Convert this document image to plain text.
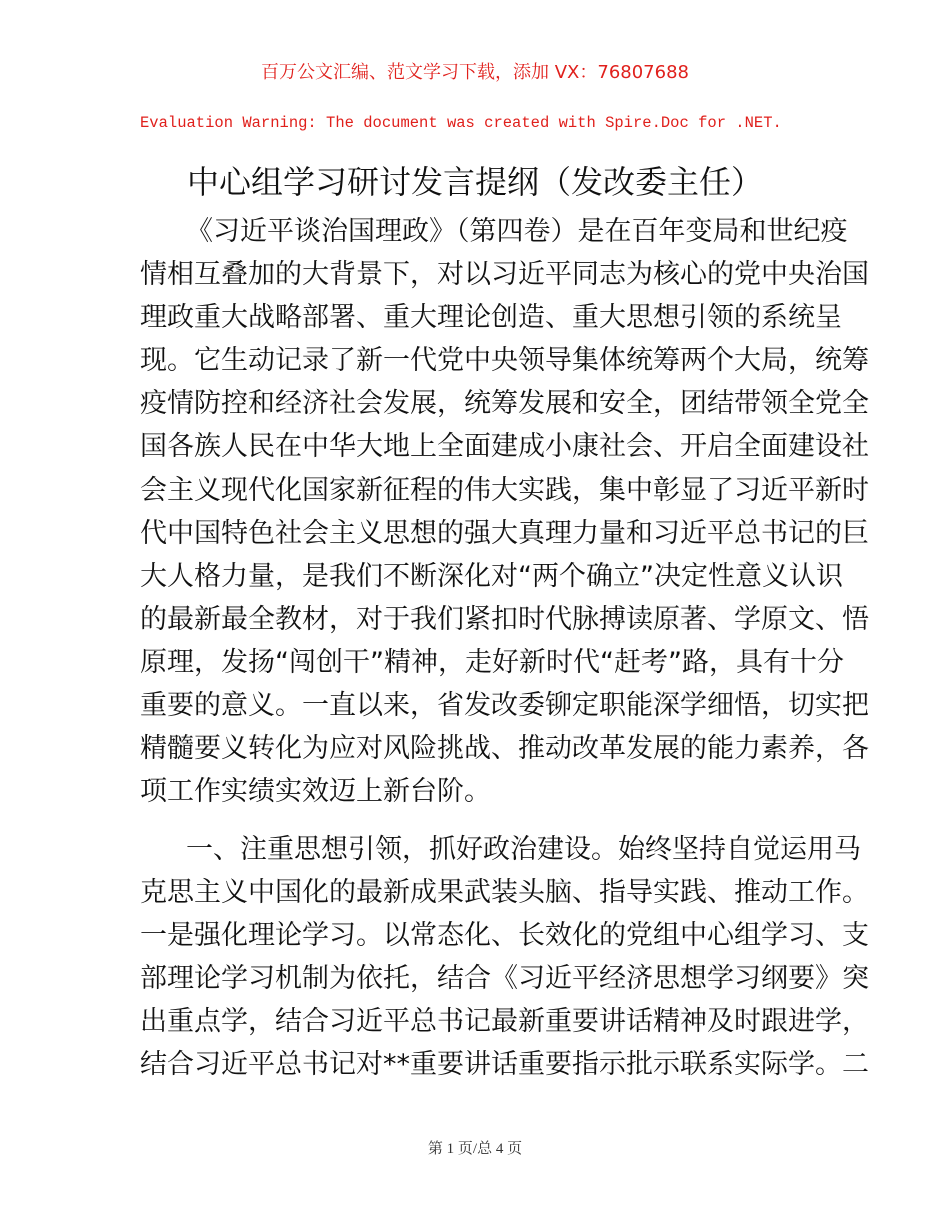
百万公文汇编、范文学习下载，添加 VX：76807688
Evaluation Warning: The document was created with Spire.Doc for .NET.
中心组学习研讨发言提纲（发改委主任）
《习近平谈治国理政》（第四卷）是在百年变局和世纪疫
情相互叠加的大背景下，对以习近平同志为核心的党中央治国
理政重大战略部署、重大理论创造、重大思想引领的系统呈
现。它生动记录了新一代党中央领导集体统筹两个大局，统筹
疫情防控和经济社会发展，统筹发展和安全，团结带领全党全
国各族人民在中华大地上全面建成小康社会、开启全面建设社
会主义现代化国家新征程的伟大实践，集中彰显了习近平新时
代中国特色社会主义思想的强大真理力量和习近平总书记的巨
大人格力量，是我们不断深化对“两个确立”决定性意义认识
的最新最全教材，对于我们紧扣时代脉搏读原著、学原文、悟
原理，发扬“闯创干”精神，走好新时代“赶考”路，具有十分
重要的意义。一直以来，省发改委铆定职能深学细悟，切实把
精髓要义转化为应对风险挑战、推动改革发展的能力素养，各
项工作实绩实效迈上新台阶。
一、注重思想引领，抓好政治建设。始终坚持自觉运用马
克思主义中国化的最新成果武装头脑、指导实践、推动工作。
一是强化理论学习。以常态化、长效化的党组中心组学习、支
部理论学习机制为依托，结合《习近平经济思想学习纲要》突
出重点学，结合习近平总书记最新重要讲话精神及时跟进学，
结合习近平总书记对**重要讲话重要指示批示联系实际学。二
第 1 页/总 4 页
